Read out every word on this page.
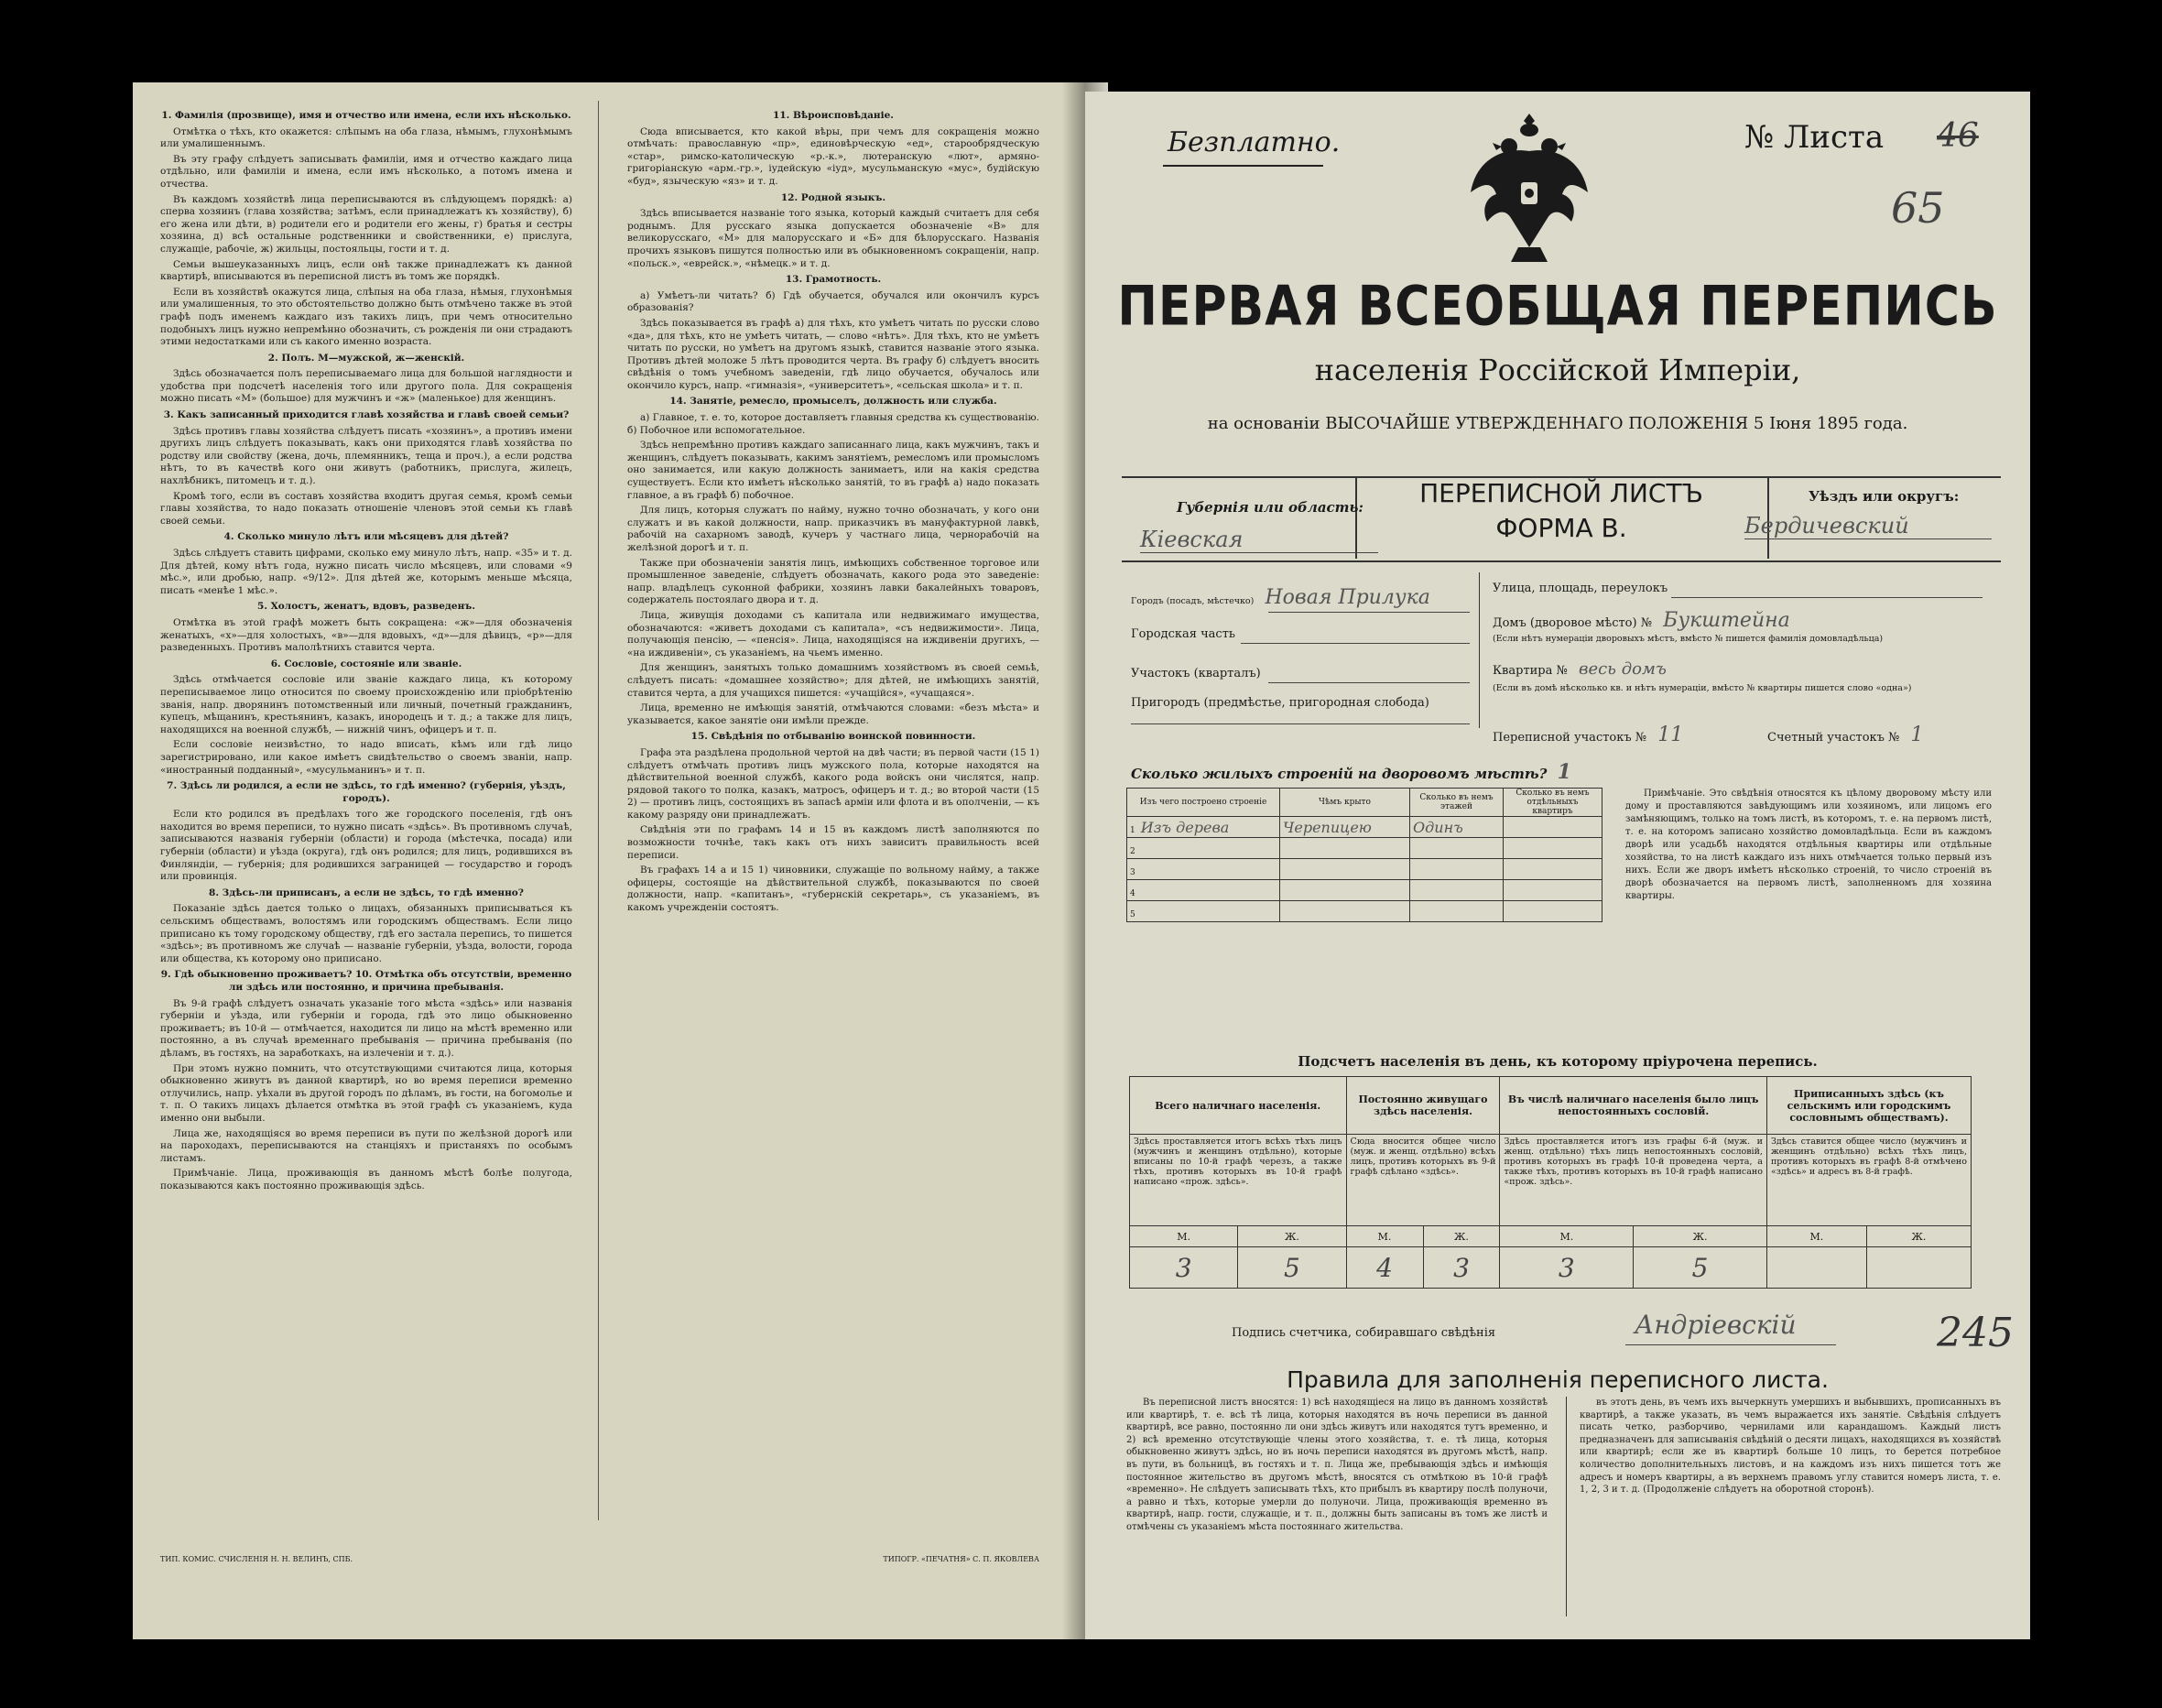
1. Фамилія (прозвище), имя и отчество или имена, если ихъ нѣсколько.

Отмѣтка о тѣхъ, кто окажется: слѣпымъ на оба глаза, нѣмымъ, глухонѣмымъ или умалишеннымъ.

Въ эту графу слѣдуетъ записывать фамиліи, имя и отчество каждаго лица отдѣльно, или фамиліи и имена, если имъ нѣсколько, а потомъ имена и отчества.

Въ каждомъ хозяйствѣ лица переписываются въ слѣдующемъ порядкѣ: а) сперва хозяинъ (глава хозяйства; затѣмъ, если принадлежатъ къ хозяйству), б) его жена или дѣти, в) родители его и родители его жены, г) братья и сестры хозяина, д) всѣ остальные родственники и свойственники, е) прислуга, служащіе, рабочіе, ж) жильцы, постояльцы, гости и т. д.

Семьи вышеуказанныхъ лицъ, если онѣ также принадлежатъ къ данной квартирѣ, вписываются въ переписной листъ въ томъ же порядкѣ.

Если въ хозяйствѣ окажутся лица, слѣпыя на оба глаза, нѣмыя, глухонѣмыя или умалишенныя, то это обстоятельство должно быть отмѣчено также въ этой графѣ подъ именемъ каждаго изъ такихъ лицъ, при чемъ относительно подобныхъ лицъ нужно непремѣнно обозначить, съ рожденія ли они страдаютъ этими недостатками или съ какого именно возраста.

2. Полъ. М—мужской, ж—женскій.

Здѣсь обозначается полъ переписываемаго лица для большой наглядности и удобства при подсчетѣ населенія того или другого пола. Для сокращенія можно писать «М» (большое) для мужчинъ и «ж» (маленькое) для женщинъ.

3. Какъ записанный приходится главѣ хозяйства и главѣ своей семьи?

Здѣсь противъ главы хозяйства слѣдуетъ писать «хозяинъ», а противъ имени другихъ лицъ слѣдуетъ показывать, какъ они приходятся главѣ хозяйства по родству или свойству (жена, дочь, племянникъ, теща и проч.), а если родства нѣтъ, то въ качествѣ кого они живутъ (работникъ, прислуга, жилецъ, нахлѣбникъ, питомецъ и т. д.).

Кромѣ того, если въ составъ хозяйства входитъ другая семья, кромѣ семьи главы хозяйства, то надо показать отношеніе членовъ этой семьи къ главѣ своей семьи.

4. Сколько минуло лѣтъ или мѣсяцевъ для дѣтей?

Здѣсь слѣдуетъ ставить цифрами, сколько ему минуло лѣтъ, напр. «35» и т. д. Для дѣтей, кому нѣтъ года, нужно писать число мѣсяцевъ, или словами «9 мѣс.», или дробью, напр. «9/12». Для дѣтей же, которымъ меньше мѣсяца, писать «менѣе 1 мѣс.».

5. Холостъ, женатъ, вдовъ, разведенъ.

Отмѣтка въ этой графѣ можетъ быть сокращена: «ж»—для обозначенія женатыхъ, «х»—для холостыхъ, «в»—для вдовыхъ, «д»—для дѣвицъ, «р»—для разведенныхъ. Противъ малолѣтнихъ ставится черта.

6. Сословіе, состояніе или званіе.

Здѣсь отмѣчается сословіе или званіе каждаго лица, къ которому переписываемое лицо относится по своему происхожденію или пріобрѣтенію званія, напр. дворянинъ потомственный или личный, почетный гражданинъ, купецъ, мѣщанинъ, крестьянинъ, казакъ, инородецъ и т. д.; а также для лицъ, находящихся на военной службѣ, — нижній чинъ, офицеръ и т. п.

Если сословіе неизвѣстно, то надо вписать, кѣмъ или гдѣ лицо зарегистрировано, или какое имѣетъ свидѣтельство о своемъ званіи, напр. «иностранный подданный», «мусульманинъ» и т. п.

7. Здѣсь ли родился, а если не здѣсь, то гдѣ именно? (губернія, уѣздъ, городъ).

Если кто родился въ предѣлахъ того же городского поселенія, гдѣ онъ находится во время переписи, то нужно писать «здѣсь». Въ противномъ случаѣ, записываются названія губерніи (области) и города (мѣстечка, посада) или губерніи (области) и уѣзда (округа), гдѣ онъ родился; для лицъ, родившихся въ Финляндіи, — губернія; для родившихся заграницей — государство и городъ или провинція.

8. Здѣсь-ли приписанъ, а если не здѣсь, то гдѣ именно?

Показаніе здѣсь дается только о лицахъ, обязанныхъ приписываться къ сельскимъ обществамъ, волостямъ или городскимъ обществамъ. Если лицо приписано къ тому городскому обществу, гдѣ его застала перепись, то пишется «здѣсь»; въ противномъ же случаѣ — названіе губерніи, уѣзда, волости, города или общества, къ которому оно приписано.

9. Гдѣ обыкновенно проживаетъ? 10. Отмѣтка объ отсутствіи, временно ли здѣсь или постоянно, и причина пребыванія.

Въ 9-й графѣ слѣдуетъ означать указаніе того мѣста «здѣсь» или названія губерніи и уѣзда, или губерніи и города, гдѣ это лицо обыкновенно проживаетъ; въ 10-й — отмѣчается, находится ли лицо на мѣстѣ временно или постоянно, а въ случаѣ временнаго пребыванія — причина пребыванія (по дѣламъ, въ гостяхъ, на заработкахъ, на излеченіи и т. д.).

При этомъ нужно помнить, что отсутствующими считаются лица, которыя обыкновенно живутъ въ данной квартирѣ, но во время переписи временно отлучились, напр. уѣхали въ другой городъ по дѣламъ, въ гости, на богомолье и т. п. О такихъ лицахъ дѣлается отмѣтка въ этой графѣ съ указаніемъ, куда именно они выбыли.

Лица же, находящіяся во время переписи въ пути по желѣзной дорогѣ или на пароходахъ, переписываются на станціяхъ и пристаняхъ по особымъ листамъ.

Примѣчаніе. Лица, проживающія въ данномъ мѣстѣ болѣе полугода, показываются какъ постоянно проживающія здѣсь.

11. Вѣроисповѣданіе.

Сюда вписывается, кто какой вѣры, при чемъ для сокращенія можно отмѣчать: православную «пр», единовѣрческую «ед», старообрядческую «стар», римско-католическую «р.-к.», лютеранскую «лют», армяно-григоріанскую «арм.-гр.», іудейскую «іуд», мусульманскую «мус», будійскую «буд», языческую «яз» и т. д.

12. Родной языкъ.

Здѣсь вписывается названіе того языка, который каждый считаетъ для себя роднымъ. Для русскаго языка допускается обозначеніе «В» для великорусскаго, «М» для малорусскаго и «Б» для бѣлорусскаго. Названія прочихъ языковъ пишутся полностью или въ обыкновенномъ сокращеніи, напр. «польск.», «еврейск.», «нѣмецк.» и т. д.

13. Грамотность.

а) Умѣетъ-ли читать? б) Гдѣ обучается, обучался или окончилъ курсъ образованія?

Здѣсь показывается въ графѣ а) для тѣхъ, кто умѣетъ читать по русски слово «да», для тѣхъ, кто не умѣетъ читать, — слово «нѣтъ». Для тѣхъ, кто не умѣетъ читать по русски, но умѣетъ на другомъ языкѣ, ставится названіе этого языка. Противъ дѣтей моложе 5 лѣтъ проводится черта. Въ графу б) слѣдуетъ вносить свѣдѣнія о томъ учебномъ заведеніи, гдѣ лицо обучается, обучалось или окончило курсъ, напр. «гимназія», «университетъ», «сельская школа» и т. п.

14. Занятіе, ремесло, промыселъ, должность или служба.

а) Главное, т. е. то, которое доставляетъ главныя средства къ существованію. б) Побочное или вспомогательное.

Здѣсь непремѣнно противъ каждаго записаннаго лица, какъ мужчинъ, такъ и женщинъ, слѣдуетъ показывать, какимъ занятіемъ, ремесломъ или промысломъ оно занимается, или какую должность занимаетъ, или на какія средства существуетъ. Если кто имѣетъ нѣсколько занятій, то въ графѣ а) надо показать главное, а въ графѣ б) побочное.

Для лицъ, которыя служатъ по найму, нужно точно обозначать, у кого они служатъ и въ какой должности, напр. приказчикъ въ мануфактурной лавкѣ, рабочій на сахарномъ заводѣ, кучеръ у частнаго лица, чернорабочій на желѣзной дорогѣ и т. п.

Также при обозначеніи занятія лицъ, имѣющихъ собственное торговое или промышленное заведеніе, слѣдуетъ обозначать, какого рода это заведеніе: напр. владѣлецъ суконной фабрики, хозяинъ лавки бакалейныхъ товаровъ, содержатель постоялаго двора и т. д.

Лица, живущія доходами съ капитала или недвижимаго имущества, обозначаются: «живетъ доходами съ капитала», «съ недвижимости». Лица, получающія пенсію, — «пенсія». Лица, находящіяся на иждивеніи другихъ, — «на иждивеніи», съ указаніемъ, на чьемъ именно.

Для женщинъ, занятыхъ только домашнимъ хозяйствомъ въ своей семьѣ, слѣдуетъ писать: «домашнее хозяйство»; для дѣтей, не имѣющихъ занятій, ставится черта, а для учащихся пишется: «учащійся», «учащаяся».

Лица, временно не имѣющія занятій, отмѣчаются словами: «безъ мѣста» и указывается, какое занятіе они имѣли прежде.

15. Свѣдѣнія по отбыванію воинской повинности.

Графа эта раздѣлена продольной чертой на двѣ части; въ первой части (15 1) слѣдуетъ отмѣчать противъ лицъ мужского пола, которые находятся на дѣйствительной военной службѣ, какого рода войскъ они числятся, напр. рядовой такого то полка, казакъ, матросъ, офицеръ и т. д.; во второй части (15 2) — противъ лицъ, состоящихъ въ запасѣ арміи или флота и въ ополченіи, — къ какому разряду они принадлежатъ.

Свѣдѣнія эти по графамъ 14 и 15 въ каждомъ листѣ заполняются по возможности точнѣе, такъ какъ отъ нихъ зависитъ правильность всей переписи.

Въ графахъ 14 а и 15 1) чиновники, служащіе по вольному найму, а также офицеры, состоящіе на дѣйствительной службѣ, показываются по своей должности, напр. «капитанъ», «губернскій секретарь», съ указаніемъ, въ какомъ учрежденіи состоятъ.

ТИП. КОМИС. СЧИСЛЕНІЯ Н. Н. ВЕЛИНЪ, СПБ.	ТИПОГР. «ПЕЧАТНЯ» С. П. ЯКОВЛЕВА
Безплатно.	№ Листа 46
65
ПЕРВАЯ ВСЕОБЩАЯ ПЕРЕПИСЬ
населенія Россійской Имперіи,
на основаніи ВЫСОЧАЙШЕ УТВЕРЖДЕННАГО ПОЛОЖЕНІЯ 5 Іюня 1895 года.
Губернія или область:
Кіевская
ПЕРЕПИСНОЙ ЛИСТЪ
ФОРМА В.
Уѣздъ или округъ:
Бердичевский
Городъ (посадъ, мѣстечко) Новая Прилука
Городская часть
Участокъ (кварталъ)
Пригородъ (предмѣстье, пригородная слобода)
Улица, площадь, переулокъ
Домъ (дворовое мѣсто) № Букштейна
(Если нѣтъ нумераціи дворовыхъ мѣстъ, вмѣсто № пишется фамилія домовладѣльца)
Квартира № весь домъ
(Если въ домѣ нѣсколько кв. и нѣтъ нумераціи, вмѣсто № квартиры пишется слово «одна»)
Переписной участокъ № 11	Счетный участокъ № 1
Сколько жилыхъ строеній на дворовомъ мѣстѣ? 1
Изъ чего построено строеніе	Чѣмъ крыто	Сколько въ немъ этажей	Сколько въ немъ отдѣльныхъ квартиръ
1 Изъ дерева	Черепицею	Одинъ	
2			
3			
4			
5			
Примѣчаніе. Это свѣдѣнія относятся къ цѣлому дворовому мѣсту или дому и проставляются завѣдующимъ или хозяиномъ, или лицомъ его замѣняющимъ, только на томъ листѣ, въ которомъ, т. е. на первомъ листѣ, т. е. на которомъ записано хозяйство домовладѣльца. Если въ каждомъ дворѣ или усадьбѣ находятся отдѣльныя квартиры или отдѣльные хозяйства, то на листѣ каждаго изъ нихъ отмѣчается только первый изъ нихъ. Если же дворъ имѣетъ нѣсколько строеній, то число строеній въ дворѣ обозначается на первомъ листѣ, заполненномъ для хозяина квартиры.
Подсчетъ населенія въ день, къ которому пріурочена перепись.
Всего наличнаго населенія.		Постоянно живущаго здѣсь населенія.		Въ числѣ наличнаго населенія было лицъ непостоянныхъ сословій.		Приписанныхъ здѣсь (къ сельскимъ или городскимъ сословнымъ обществамъ).	
Здѣсь проставляется итогъ всѣхъ тѣхъ лицъ (мужчинъ и женщинъ отдѣльно), которые вписаны по 10-й графѣ черезъ, а также тѣхъ, противъ которыхъ въ 10-й графѣ написано «прож. здѣсь».		Сюда вносится общее число (муж. и женщ. отдѣльно) всѣхъ лицъ, противъ которыхъ въ 9-й графѣ сдѣлано «здѣсь».		Здѣсь проставляется итогъ изъ графы 6-й (муж. и женщ. отдѣльно) тѣхъ лицъ непостоянныхъ сословій, противъ которыхъ въ графѣ 10-й проведена черта, а также тѣхъ, противъ которыхъ въ 10-й графѣ написано «прож. здѣсь».		Здѣсь ставится общее число (мужчинъ и женщинъ отдѣльно) всѣхъ тѣхъ лицъ, противъ которыхъ въ графѣ 8-й отмѣчено «здѣсь» и адресъ въ 8-й графѣ.	
М.	Ж.	М.	Ж.	М.	Ж.	М.	Ж.
3	5	4	3	3	5		
Подпись счетчика, собиравшаго свѣдѣнія	Андріевскій	245
Правила для заполненія переписного листа.

Въ переписной листъ вносятся: 1) всѣ находящіеся на лицо въ данномъ хозяйствѣ или квартирѣ, т. е. всѣ тѣ лица, которыя находятся въ ночь переписи въ данной квартирѣ, все равно, постоянно ли они здѣсь живутъ или находятся тутъ временно, и 2) всѣ временно отсутствующіе члены этого хозяйства, т. е. тѣ лица, которыя обыкновенно живутъ здѣсь, но въ ночь переписи находятся въ другомъ мѣстѣ, напр. въ пути, въ больницѣ, въ гостяхъ и т. п. Лица же, пребывающія здѣсь и имѣющія постоянное жительство въ другомъ мѣстѣ, вносятся съ отмѣткою въ 10-й графѣ «временно». Не слѣдуетъ записывать тѣхъ, кто прибылъ въ квартиру послѣ полуночи, а равно и тѣхъ, которые умерли до полуночи. Лица, проживающія временно въ квартирѣ, напр. гости, служащіе, и т. п., должны быть записаны въ томъ же листѣ и отмѣчены съ указаніемъ мѣста постояннаго жительства.

въ этотъ день, въ чемъ ихъ вычеркнуть умершихъ и выбывшихъ, прописанныхъ въ квартирѣ, а также указать, въ чемъ выражается ихъ занятіе. Свѣдѣнія слѣдуетъ писать четко, разборчиво, чернилами или карандашомъ. Каждый листъ предназначенъ для записыванія свѣдѣній о десяти лицахъ, находящихся въ хозяйствѣ или квартирѣ; если же въ квартирѣ больше 10 лицъ, то берется потребное количество дополнительныхъ листовъ, и на каждомъ изъ нихъ пишется тотъ же адресъ и номеръ квартиры, а въ верхнемъ правомъ углу ставится номеръ листа, т. е. 1, 2, 3 и т. д. (Продолженіе слѣдуетъ на оборотной сторонѣ).
